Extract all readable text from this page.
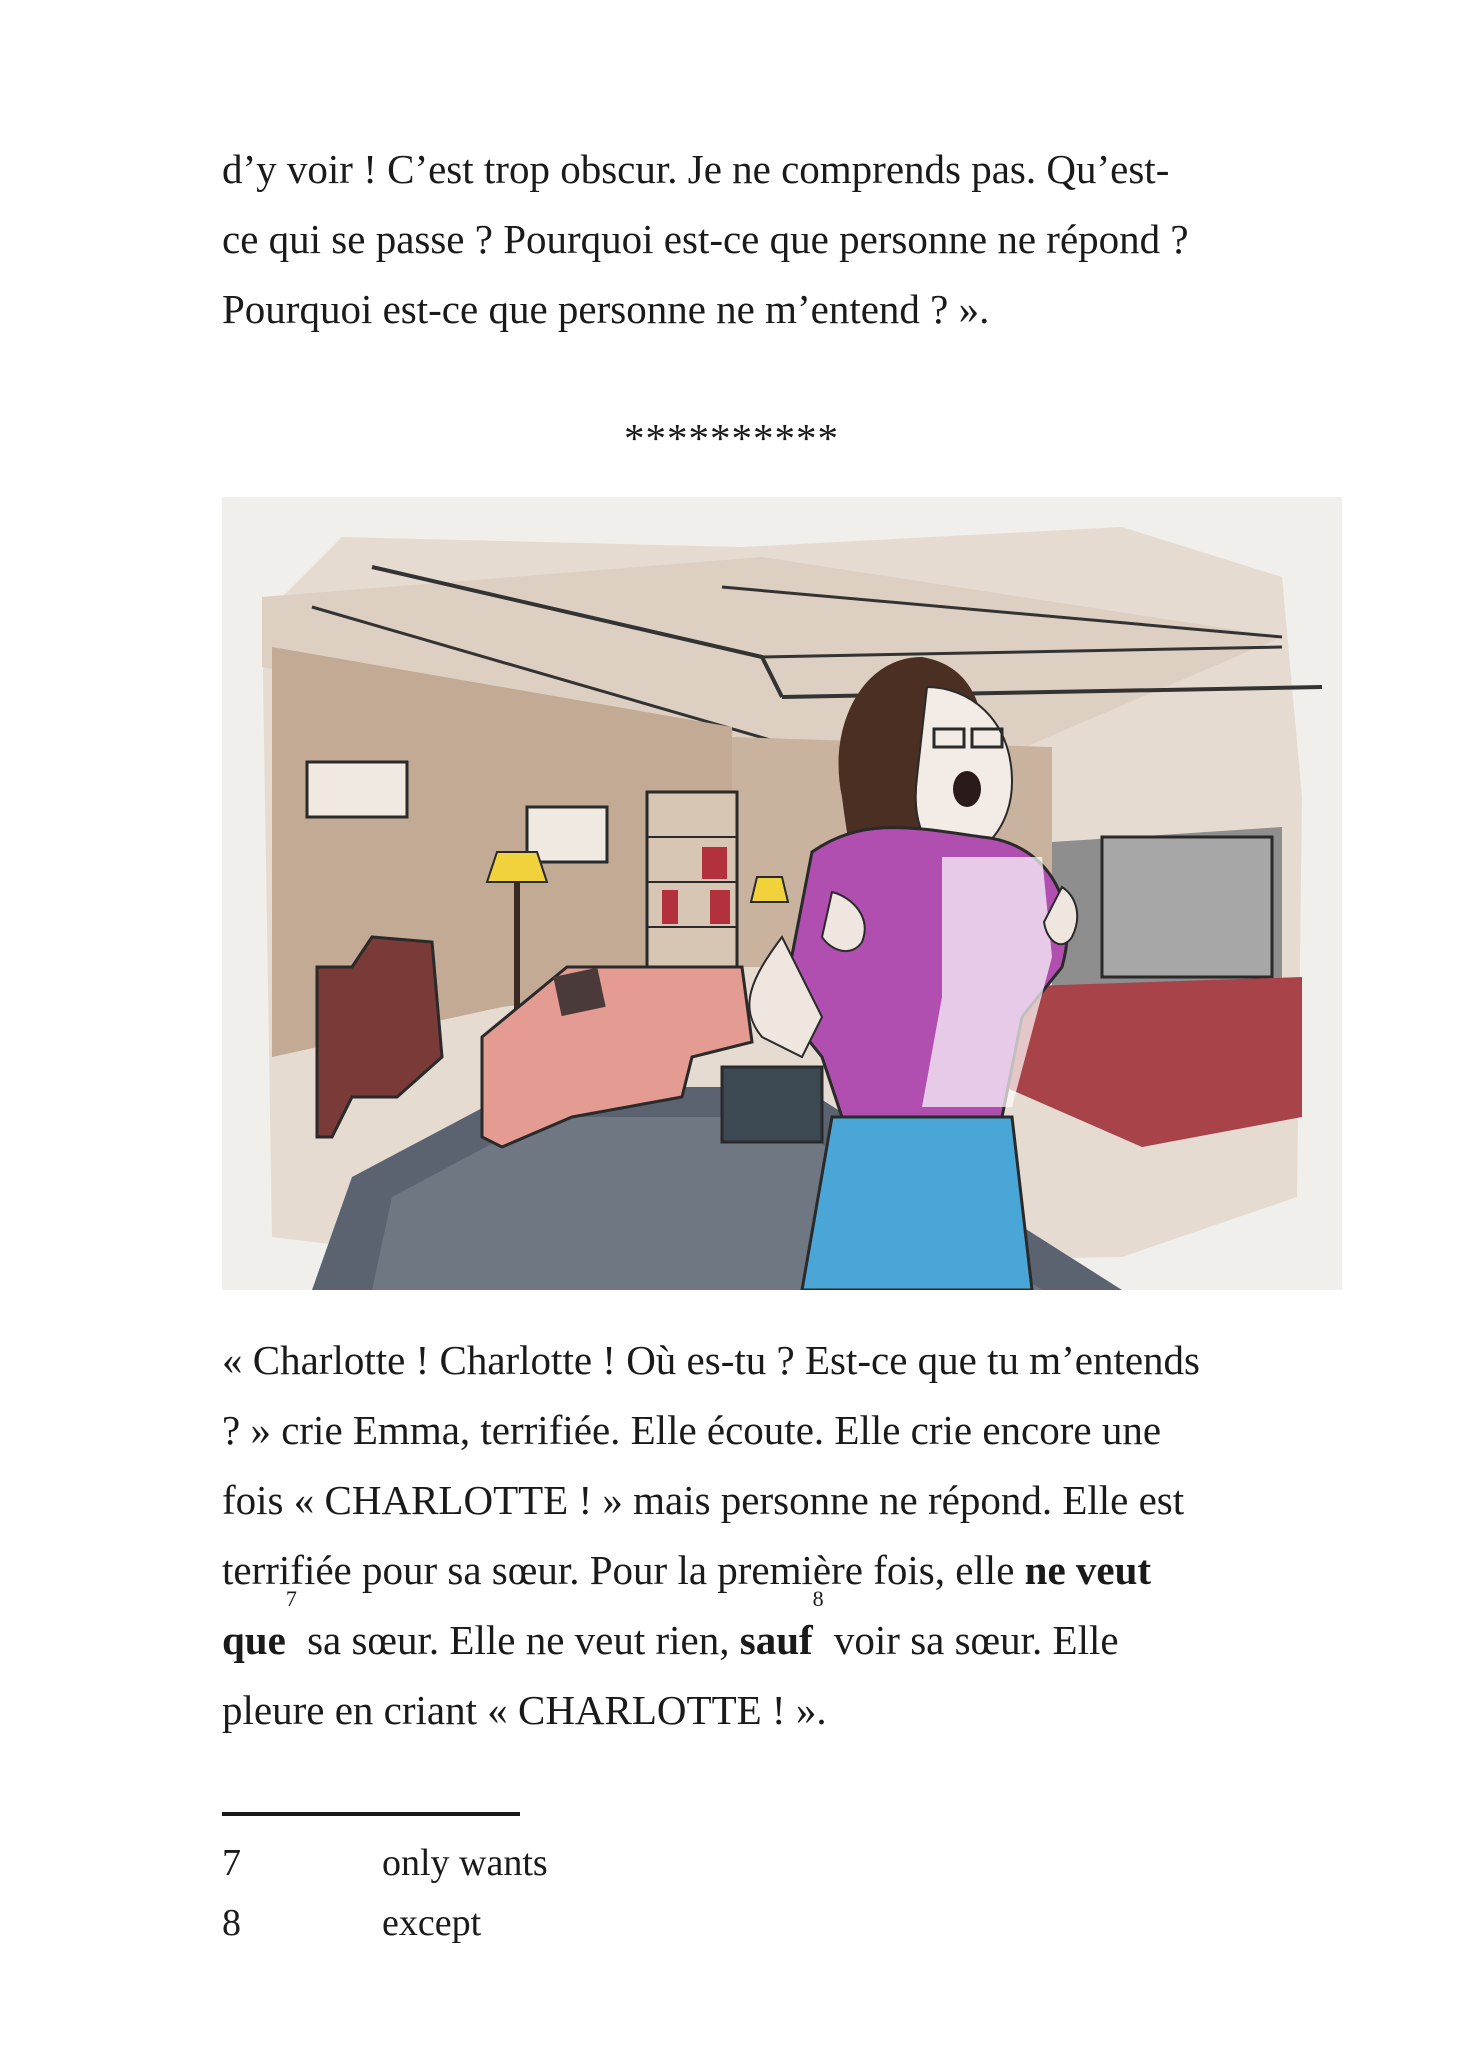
d’y voir ! C’est trop obscur. Je ne comprends pas. Qu’est-
ce qui se passe ? Pourquoi est-ce que personne ne répond ?
Pourquoi est-ce que personne ne m’entend ? ».

**********

« Charlotte ! Charlotte ! Où es-tu ? Est-ce que tu m’entends
? » crie Emma, terrifiée. Elle écoute. Elle crie encore une
fois « CHARLOTTE ! » mais personne ne répond. Elle est
terrifiée pour sa sœur. Pour la première fois, elle ne veut
que$^7$ sa sœur. Elle ne veut rien, sauf$^8$ voir sa sœur. Elle
pleure en criant « CHARLOTTE ! ».

7	only wants
8	except
